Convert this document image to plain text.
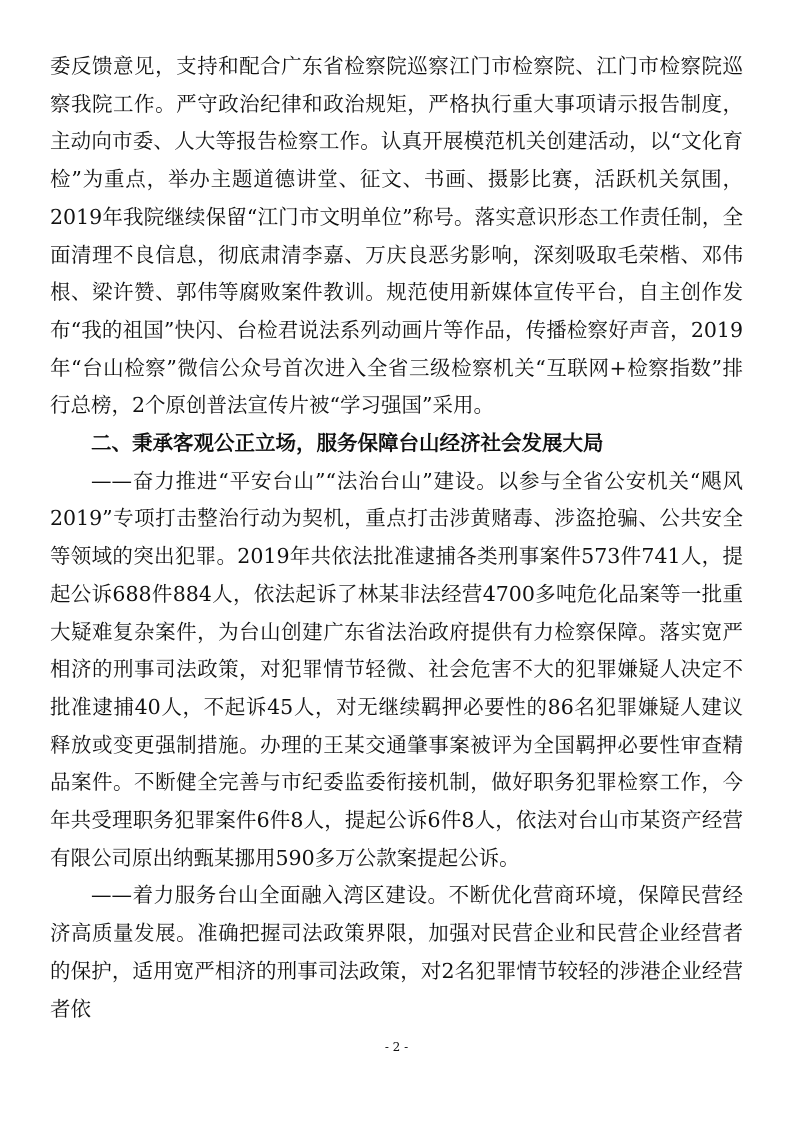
委反馈意见，支持和配合广东省检察院巡察江门市检察院、江门市检察院巡察我院工作。严守政治纪律和政治规矩，严格执行重大事项请示报告制度，主动向市委、人大等报告检察工作。认真开展模范机关创建活动，以“文化育检”为重点，举办主题道德讲堂、征文、书画、摄影比赛，活跃机关氛围，2019年我院继续保留“江门市文明单位”称号。落实意识形态工作责任制，全面清理不良信息，彻底肃清李嘉、万庆良恶劣影响，深刻吸取毛荣楷、邓伟根、梁许赞、郭伟等腐败案件教训。规范使用新媒体宣传平台，自主创作发布“我的祖国”快闪、台检君说法系列动画片等作品，传播检察好声音，2019年“台山检察”微信公众号首次进入全省三级检察机关“互联网+检察指数”排行总榜，2个原创普法宣传片被“学习强国”采用。

二、秉承客观公正立场，服务保障台山经济社会发展大局

——奋力推进“平安台山”“法治台山”建设。以参与全省公安机关“飓风2019”专项打击整治行动为契机，重点打击涉黄赌毒、涉盗抢骗、公共安全等领域的突出犯罪。2019年共依法批准逮捕各类刑事案件573件741人，提起公诉688件884人，依法起诉了林某非法经营4700多吨危化品案等一批重大疑难复杂案件，为台山创建广东省法治政府提供有力检察保障。落实宽严相济的刑事司法政策，对犯罪情节轻微、社会危害不大的犯罪嫌疑人决定不批准逮捕40人，不起诉45人，对无继续羁押必要性的86名犯罪嫌疑人建议释放或变更强制措施。办理的王某交通肇事案被评为全国羁押必要性审查精品案件。不断健全完善与市纪委监委衔接机制，做好职务犯罪检察工作，今年共受理职务犯罪案件6件8人，提起公诉6件8人，依法对台山市某资产经营有限公司原出纳甄某挪用590多万公款案提起公诉。

——着力服务台山全面融入湾区建设。不断优化营商环境，保障民营经济高质量发展。准确把握司法政策界限，加强对民营企业和民营企业经营者的保护，适用宽严相济的刑事司法政策，对2名犯罪情节较轻的涉港企业经营者依

- 2 -
